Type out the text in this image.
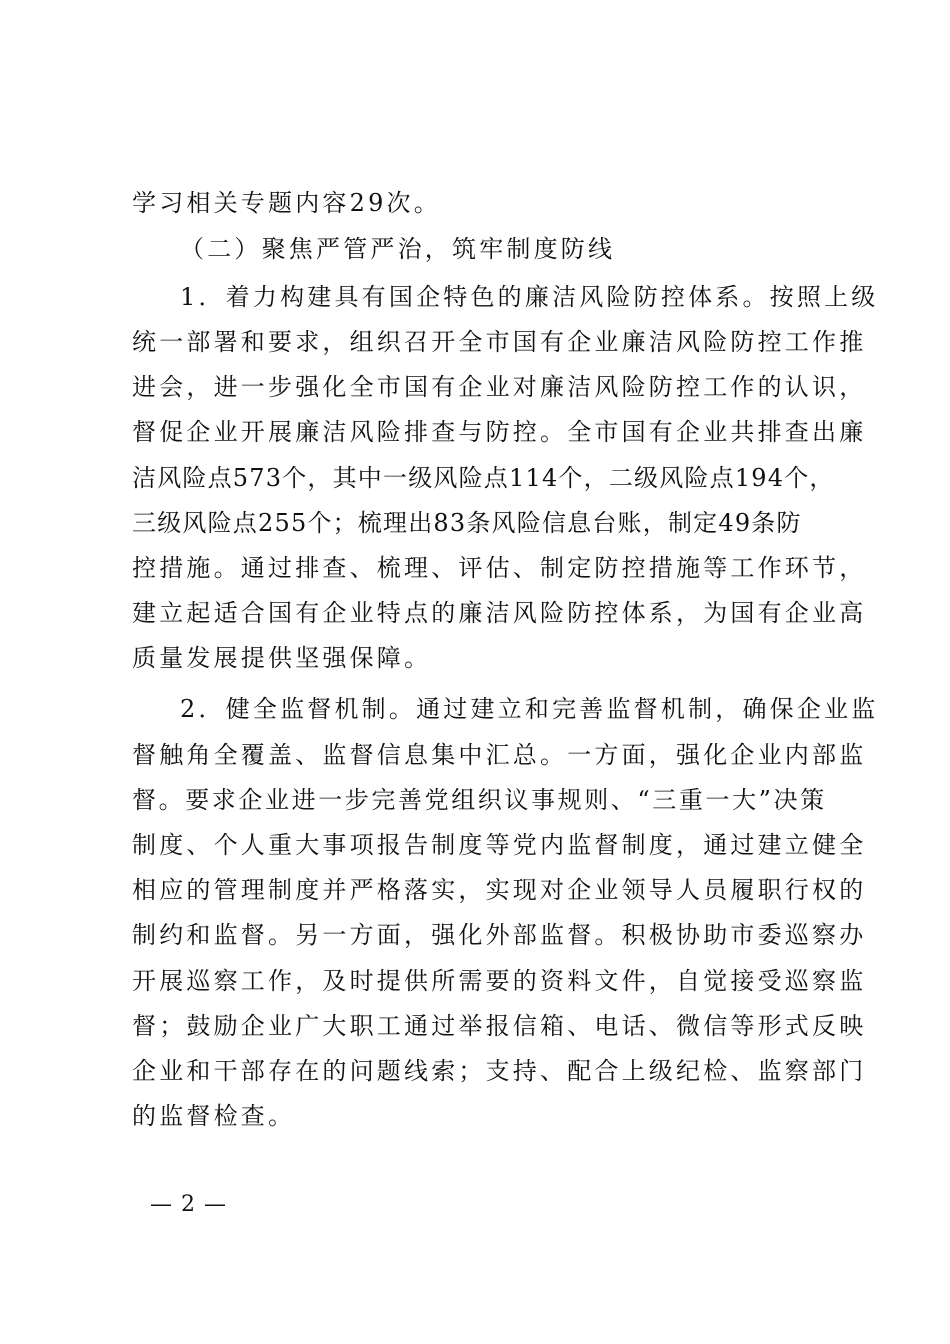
学习相关专题内容29次。
（二）聚焦严管严治，筑牢制度防线
1．着力构建具有国企特色的廉洁风险防控体系。按照上级
统一部署和要求，组织召开全市国有企业廉洁风险防控工作推
进会，进一步强化全市国有企业对廉洁风险防控工作的认识，
督促企业开展廉洁风险排查与防控。全市国有企业共排查出廉
洁风险点573个，其中一级风险点114个，二级风险点194个，
三级风险点255个；梳理出83条风险信息台账，制定49条防
控措施。通过排查、梳理、评估、制定防控措施等工作环节，
建立起适合国有企业特点的廉洁风险防控体系，为国有企业高
质量发展提供坚强保障。
2．健全监督机制。通过建立和完善监督机制，确保企业监
督触角全覆盖、监督信息集中汇总。一方面，强化企业内部监
督。要求企业进一步完善党组织议事规则、“三重一大”决策
制度、个人重大事项报告制度等党内监督制度，通过建立健全
相应的管理制度并严格落实，实现对企业领导人员履职行权的
制约和监督。另一方面，强化外部监督。积极协助市委巡察办
开展巡察工作，及时提供所需要的资料文件，自觉接受巡察监
督；鼓励企业广大职工通过举报信箱、电话、微信等形式反映
企业和干部存在的问题线索；支持、配合上级纪检、监察部门
的监督检查。
— 2 —
